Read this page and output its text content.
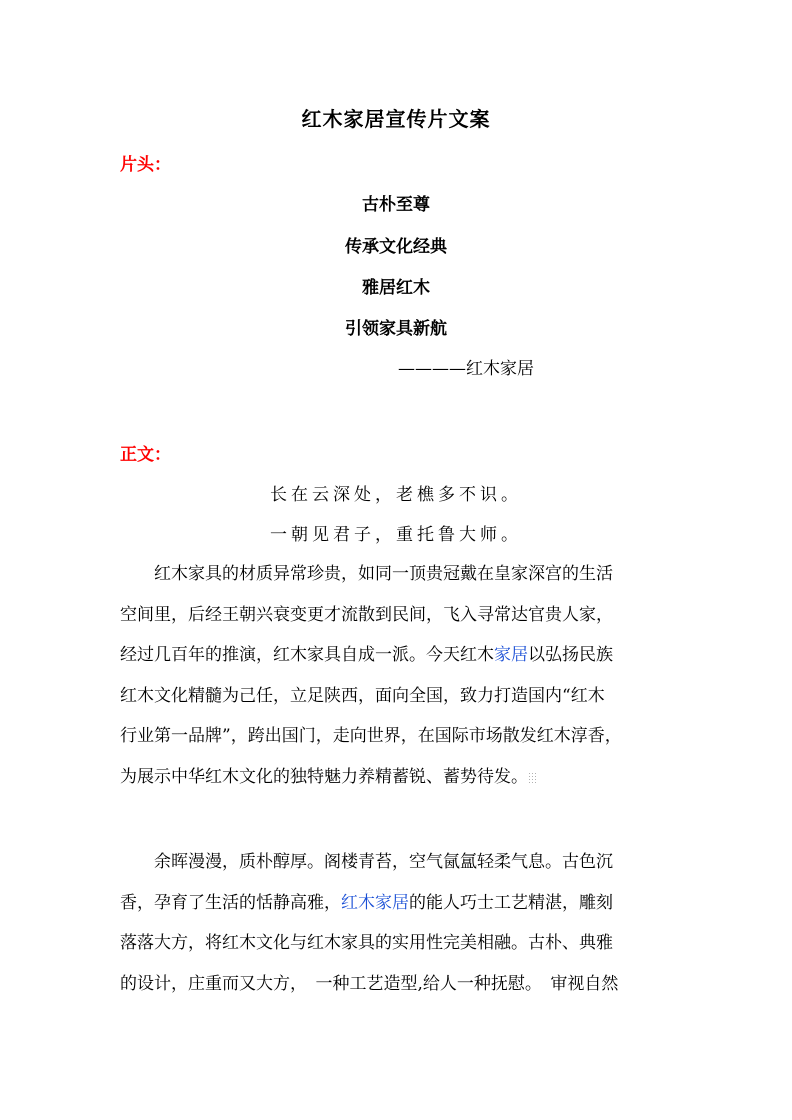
红木家居宣传片文案
片头：
古朴至尊
传承文化经典
雅居红木
引领家具新航
————红木家居
正文：
长在云深处，老樵多不识。
一朝见君子，重托鲁大师。
　　红木家具的材质异常珍贵，如同一顶贵冠戴在皇家深宫的生活
空间里，后经王朝兴衰变更才流散到民间，飞入寻常达官贵人家，
经过几百年的推演，红木家具自成一派。今天红木家居以弘扬民族
红木文化精髓为己任，立足陕西，面向全国，致力打造国内“红木
行业第一品牌”，跨出国门，走向世界，在国际市场散发红木淳香，
为展示中华红木文化的独特魅力养精蓄锐、蓄势待发。
　　余晖漫漫，质朴醇厚。阁楼青苔，空气氤氲轻柔气息。古色沉
香，孕育了生活的恬静高雅，红木家居的能人巧士工艺精湛，雕刻
落落大方，将红木文化与红木家具的实用性完美相融。古朴、典雅
的设计，庄重而又大方，　一种工艺造型,给人一种抚慰。　审视自然
